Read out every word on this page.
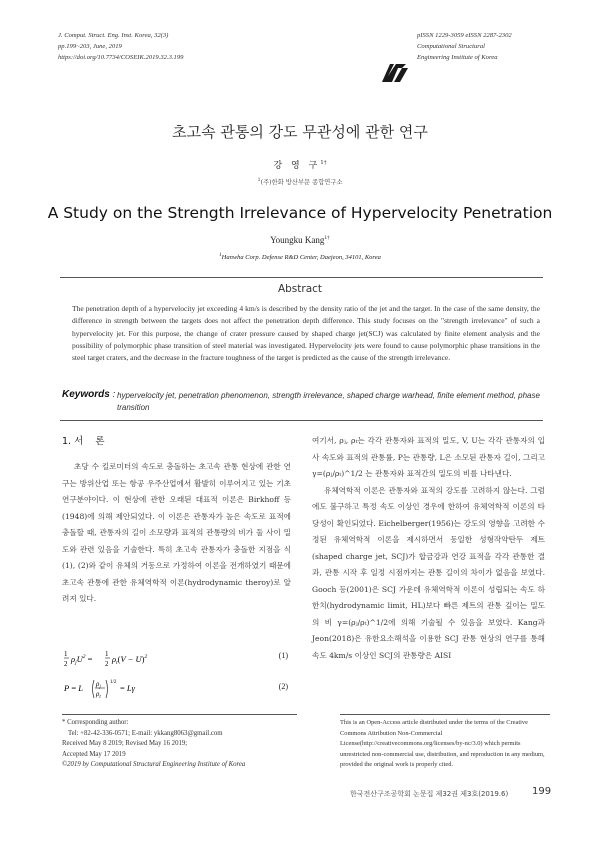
J. Comput. Struct. Eng. Inst. Korea, 32(3)
pp.199~203, June, 2019
https://doi.org/10.7734/COSEIK.2019.32.3.199
pISSN 1229-3059 eISSN 2287-2302
Computational Structural
Engineering Institute of Korea
초고속 관통의 강도 무관성에 관한 연구
강 영 구$^{1\dagger}$
$^1$(주)한화 방산부문 종합연구소
A Study on the Strength Irrelevance of Hypervelocity Penetration
Youngku Kang$^{1\dagger}$
$^1$Hanwha Corp. Defense R&D Center, Daejeon, 34101, Korea
Abstract
The penetration depth of a hypervelocity jet exceeding 4 km/s is described by the density ratio of the jet and the target. In the case of the same density, the difference in strength between the targets does not affect the penetration depth difference. This study focuses on the "strength irrelevance" of such a hypervelocity jet. For this purpose, the change of crater pressure caused by shaped charge jet(SCJ) was calculated by finite element analysis and the possibility of polymorphic phase transition of steel material was investigated. Hypervelocity jets were found to cause polymorphic phase transitions in the steel target craters, and the decrease in the fracture toughness of the target is predicted as the cause of the strength irrelevance.
Keywords : hypervelocity jet, penetration phenomenon, strength irrelevance, shaped charge warhead, finite element method, phase transition
1. 서    론

초당 수 킬로미터의 속도로 충돌하는 초고속 관통 현상에 관한 연구는 방위산업 또는 항공 우주산업에서 활발히 이루어지고 있는 기초 연구분야이다. 이 현상에 관한 오래된 대표적 이론은 Birkhoff 등(1948)에 의해 제안되었다. 이 이론은 관통자가 높은 속도로 표적에 충돌할 때, 관통자의 길이 소모량과 표적의 관통량의 비가 둘 사이 밀도와 관련 있음을 기술한다. 특히 초고속 관통자가 충돌한 지점을 식 (1), (2)와 같이 유체의 거동으로 가정하여 이론을 전개하였기 때문에 초고속 관통에 관한 유체역학적 이론(hydrodynamic theroy)로 알려져 있다.

1
2 $\rho_jU^2 = 1$
2 $\rho_t(V - U)^2$	(1)
P = L $\rho_j$
$\rho_t$
1/2
= Lγ	(2)

여기서, ρⱼ, ρₜ는 각각 관통자와 표적의 밀도, V, U는 각각 관통자의 입사 속도와 표적의 관통률, P는 관통량, L은 소모된 관통자 길이, 그리고 γ=(ρⱼ/ρₜ)^1/2 는 관통자와 표적간의 밀도의 비를 나타낸다.

유체역학적 이론은 관통자와 표적의 강도를 고려하지 않는다. 그럼에도 불구하고 특정 속도 이상인 경우에 한하여 유체역학적 이론의 타당성이 확인되었다. Eichelberger(1956)는 강도의 영향을 고려한 수정된 유체역학적 이론을 제시하면서 동일한 성형작약탄두 제트(shaped charge jet, SCJ)가 합금강과 연강 표적을 각각 관통한 결과, 관통 시작 후 일정 시점까지는 관통 길이의 차이가 없음을 보였다. Gooch 등(2001)은 SCJ 가운데 유체역학적 이론이 성립되는 속도 하한치(hydrodynamic limit, HL)보다 빠른 제트의 관통 깊이는 밀도의 비 γ=(ρⱼ/ρₜ)^1/2에 의해 기술될 수 있음을 보였다. Kang과 Jeon(2018)은 유한요소해석을 이용한 SCJ 관통 현상의 연구를 통해 속도 4km/s 이상인 SCJ의 관통량은 AISI

* Corresponding author:
Tel: +82-42-336-0571; E-mail: ykkang8063@gmail.com
Received May 8 2019; Revised May 16 2019;
Accepted May 17 2019
©2019 by Computational Structural Engineering Institute of Korea
This is an Open-Access article distributed under the terms of the Creative Commons Attribution Non-Commercial License(http://creativecommons.org/licenses/by-nc/3.0) which permits unrestricted non-commercial use, distribution, and reproduction in any medium, provided the original work is properly cited.
한국전산구조공학회 논문집 제32권 제3호(2019.6) 199
